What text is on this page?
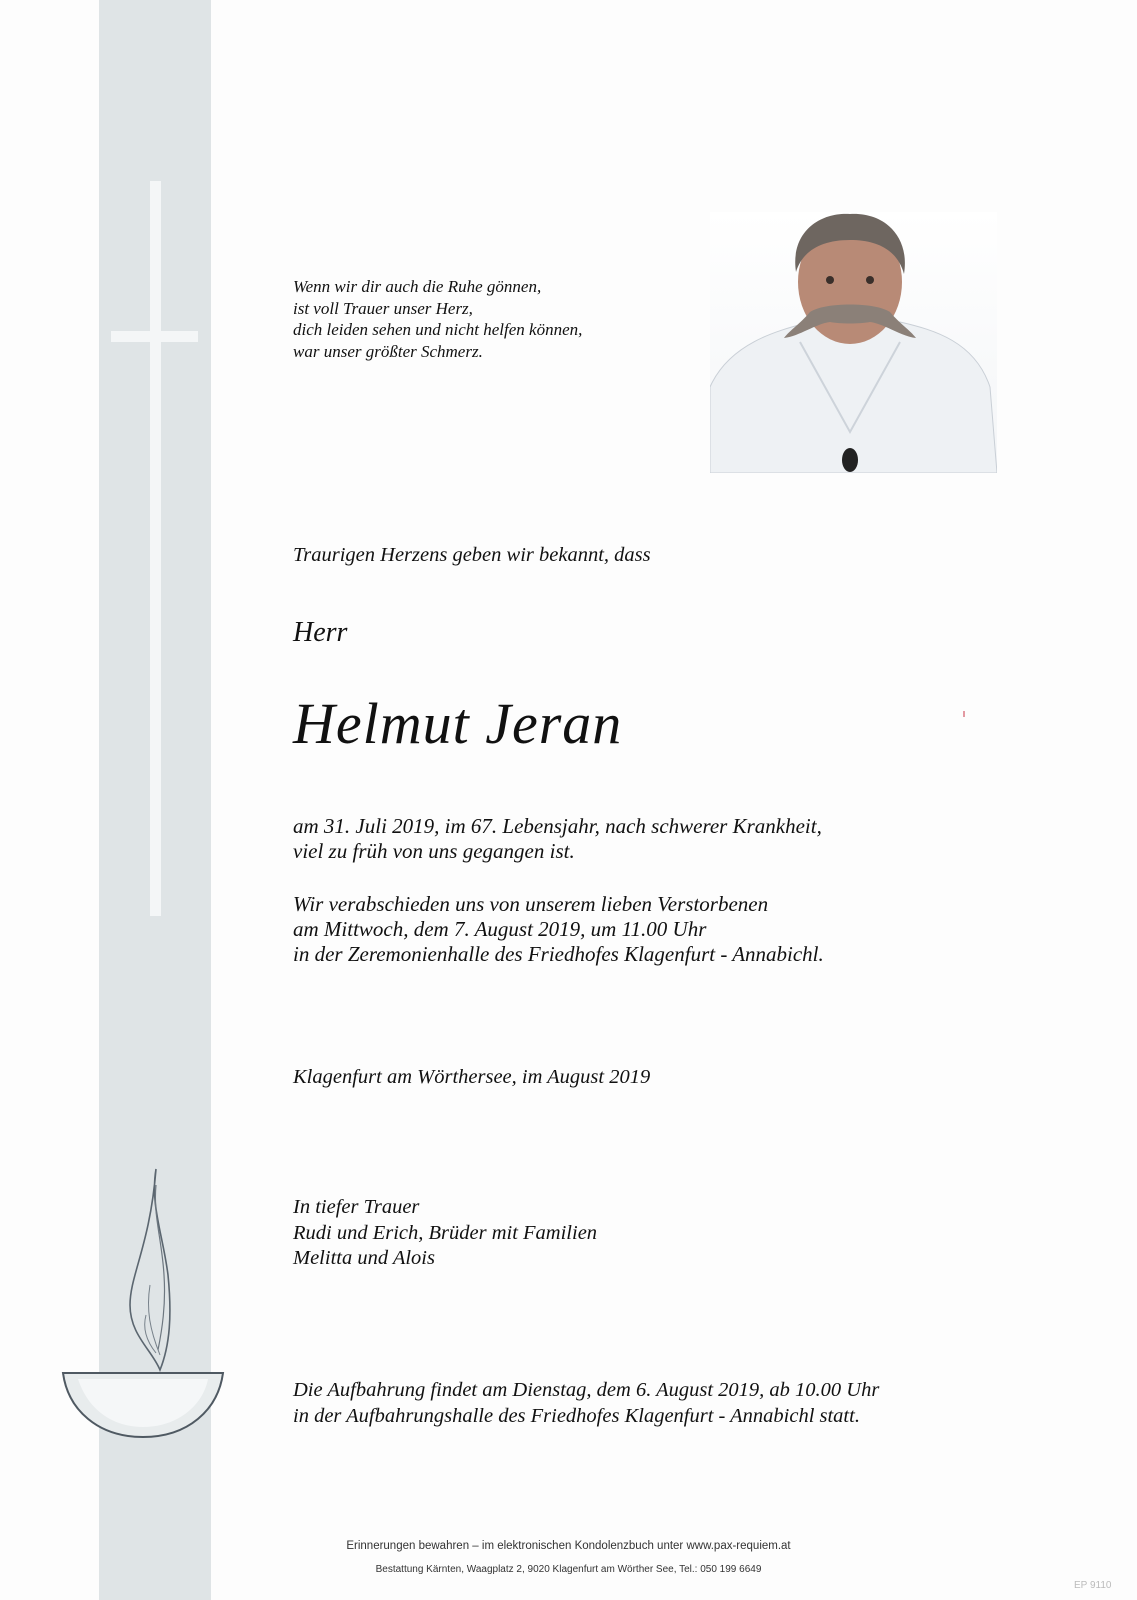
Wenn wir dir auch die Ruhe gönnen,
ist voll Trauer unser Herz,
dich leiden sehen und nicht helfen können,
war unser größter Schmerz.

Traurigen Herzens geben wir bekannt, dass

Herr

Helmut Jeran

am 31. Juli 2019, im 67. Lebensjahr, nach schwerer Krankheit,
viel zu früh von uns gegangen ist.

Wir verabschieden uns von unserem lieben Verstorbenen
am Mittwoch, dem 7. August 2019, um 11.00 Uhr
in der Zeremonienhalle des Friedhofes Klagenfurt - Annabichl.

Klagenfurt am Wörthersee, im August 2019

In tiefer Trauer
Rudi und Erich, Brüder mit Familien
Melitta und Alois

Die Aufbahrung findet am Dienstag, dem 6. August 2019, ab 10.00 Uhr
in der Aufbahrungshalle des Friedhofes Klagenfurt - Annabichl statt.

Erinnerungen bewahren – im elektronischen Kondolenzbuch unter www.pax-requiem.at
Bestattung Kärnten, Waagplatz 2, 9020 Klagenfurt am Wörther See, Tel.: 050 199 6649
EP 9110
